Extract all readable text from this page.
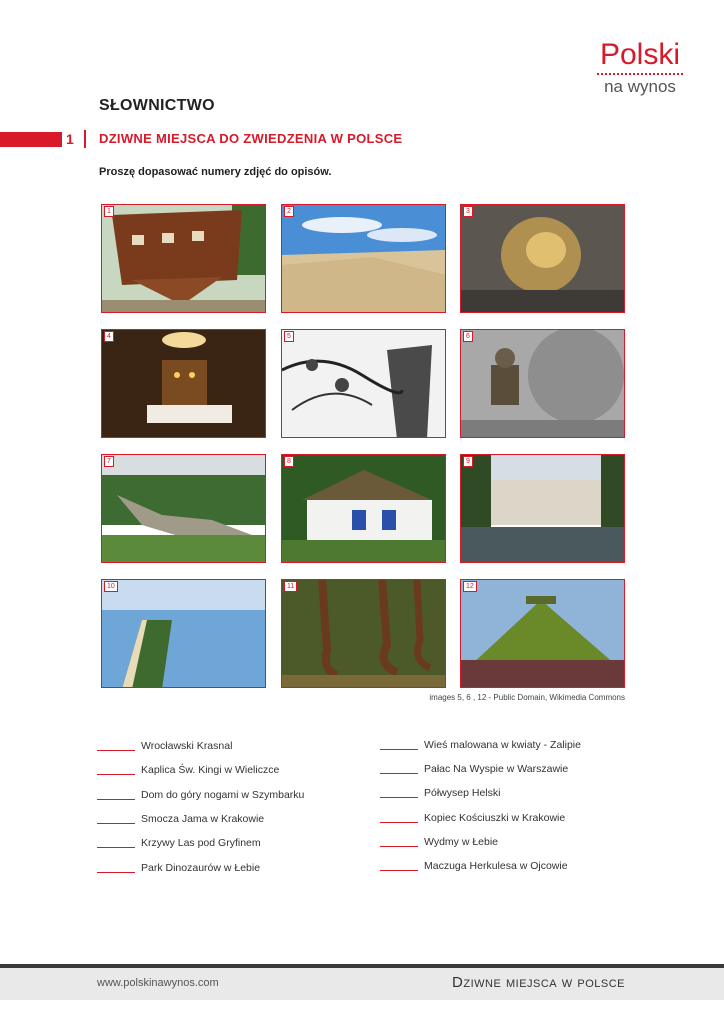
Polski
na wynos
SŁOWNICTWO
1 DZIWNE MIEJSCA DO ZWIEDZENIA W POLSCE
Proszę dopasować numery zdjęć do opisów.
1	2	3
4	5	6
7	8	9
10	11	12
images 5, 6 , 12 - Public Domain, Wikimedia Commons
Wrocławski Krasnal
Kaplica Św. Kingi w Wieliczce
Dom do góry nogami w Szymbarku
Smocza Jama w Krakowie
Krzywy Las pod Gryfinem
Park Dinozaurów w Łebie
Wieś malowana w kwiaty - Zalipie
Pałac Na Wyspie w Warszawie
Półwysep Helski
Kopiec Kościuszki w Krakowie
Wydmy w Łebie
Maczuga Herkulesa w Ojcowie
www.polskinawynos.com	Dziwne miejsca w polsce
